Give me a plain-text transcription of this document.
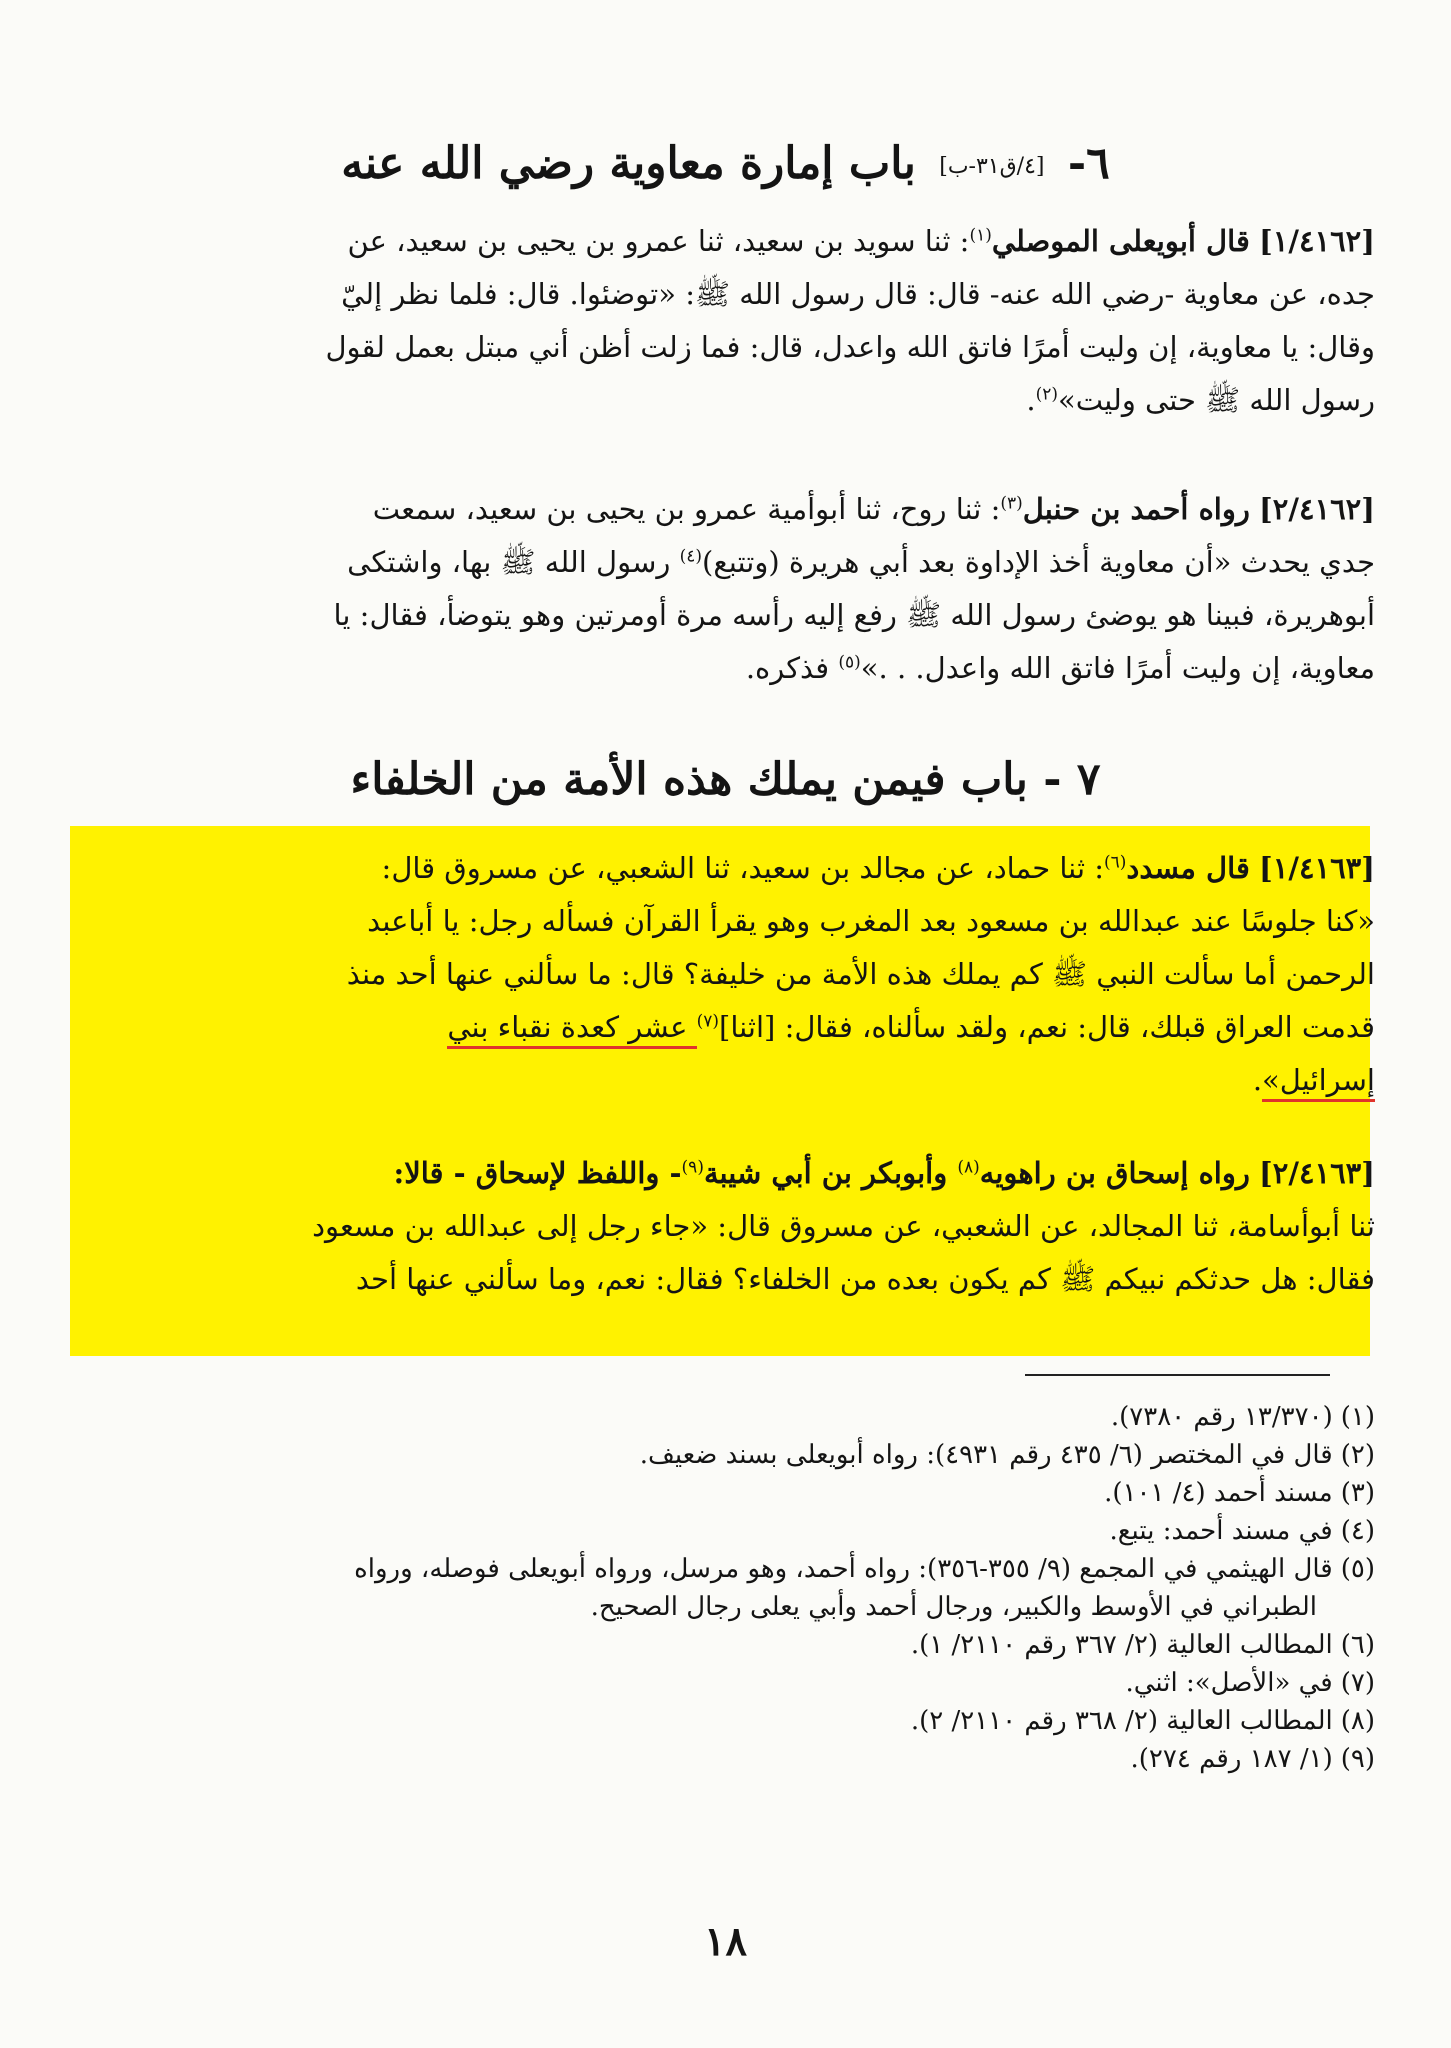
٦- [٤/ق٣١-ب] باب إمارة معاوية رضي الله عنه
[١/٤١٦٢] قال أبويعلى الموصلي$^{(١)}$: ثنا سويد بن سعيد، ثنا عمرو بن يحيى بن سعيد، عن
جده، عن معاوية -رضي الله عنه- قال: قال رسول الله ﷺ: «توضئوا. قال: فلما نظر إليّ
وقال: يا معاوية، إن وليت أمرًا فاتق الله واعدل، قال: فما زلت أظن أني مبتل بعمل لقول
رسول الله ﷺ حتى وليت»$^{(٢)}$.
[٢/٤١٦٢] رواه أحمد بن حنبل$^{(٣)}$: ثنا روح، ثنا أبوأمية عمرو بن يحيى بن سعيد، سمعت
جدي يحدث «أن معاوية أخذ الإداوة بعد أبي هريرة (وتتبع)$^{(٤)}$ رسول الله ﷺ بها، واشتكى
أبوهريرة، فبينا هو يوضئ رسول الله ﷺ رفع إليه رأسه مرة أومرتين وهو يتوضأ، فقال: يا
معاوية، إن وليت أمرًا فاتق الله واعدل. . .»$^{(٥)}$ فذكره.
٧ - باب فيمن يملك هذه الأمة من الخلفاء
[١/٤١٦٣] قال مسدد$^{(٦)}$: ثنا حماد، عن مجالد بن سعيد، ثنا الشعبي، عن مسروق قال:
«كنا جلوسًا عند عبدالله بن مسعود بعد المغرب وهو يقرأ القرآن فسأله رجل: يا أباعبد
الرحمن أما سألت النبي ﷺ كم يملك هذه الأمة من خليفة؟ قال: ما سألني عنها أحد منذ
قدمت العراق قبلك، قال: نعم، ولقد سألناه، فقال: [اثنا]$^{(٧)}$ عشر كعدة نقباء بني
إسرائيل».
[٢/٤١٦٣] رواه إسحاق بن راهويه$^{(٨)}$ وأبوبكر بن أبي شيبة$^{(٩)}$- واللفظ لإسحاق - قالا:
ثنا أبوأسامة، ثنا المجالد، عن الشعبي، عن مسروق قال: «جاء رجل إلى عبدالله بن مسعود
فقال: هل حدثكم نبيكم ﷺ كم يكون بعده من الخلفاء؟ فقال: نعم، وما سألني عنها أحد
(١)(١٣/٣٧٠ رقم ٧٣٨٠).
(٢)قال في المختصر (٦/ ٤٣٥ رقم ٤٩٣١): رواه أبويعلى بسند ضعيف.
(٣)مسند أحمد (٤/ ١٠١).
(٤)في مسند أحمد: يتبع.
(٥)قال الهيثمي في المجمع (٩/ ٣٥٥-٣٥٦): رواه أحمد، وهو مرسل، ورواه أبويعلى فوصله، ورواه
الطبراني في الأوسط والكبير، ورجال أحمد وأبي يعلى رجال الصحيح.
(٦)المطالب العالية (٢/ ٣٦٧ رقم ٢١١٠/ ١).
(٧)في «الأصل»: اثني.
(٨)المطالب العالية (٢/ ٣٦٨ رقم ٢١١٠/ ٢).
(٩)(١/ ١٨٧ رقم ٢٧٤).
١٨
